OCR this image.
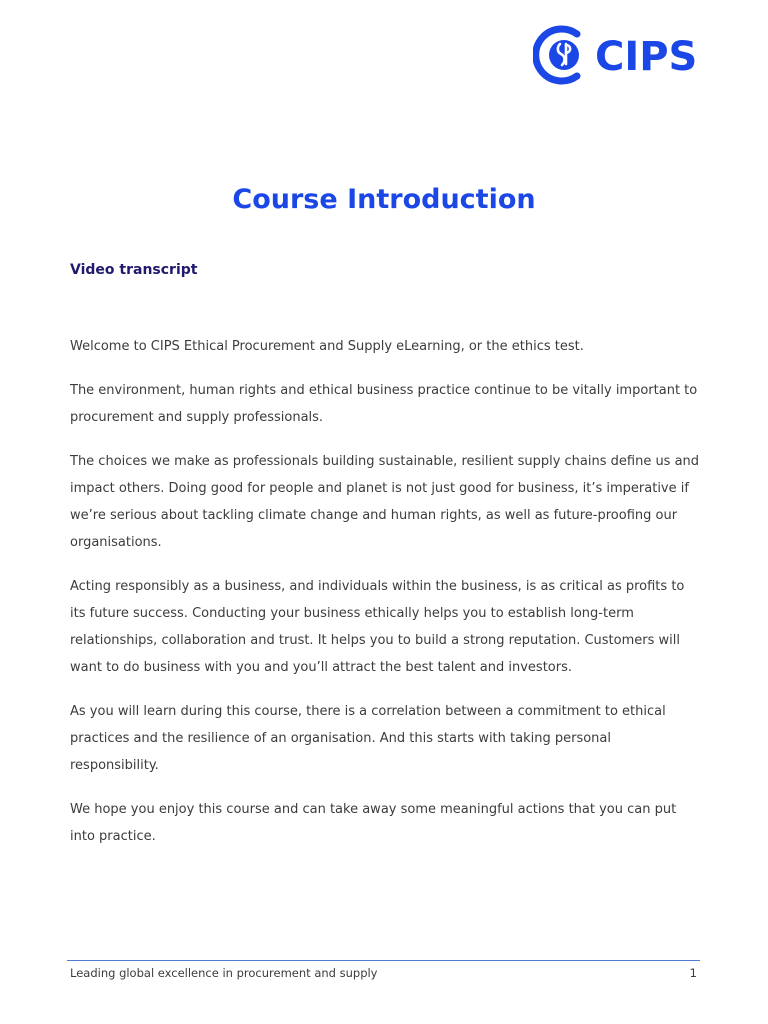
CIPS
Course Introduction
Video transcript

Welcome to CIPS Ethical Procurement and Supply eLearning, or the ethics test.

The environment, human rights and ethical business practice continue to be vitally important to procurement and supply professionals.

The choices we make as professionals building sustainable, resilient supply chains define us and impact others. Doing good for people and planet is not just good for business, it’s imperative if we’re serious about tackling climate change and human rights, as well as future-proofing our organisations.

Acting responsibly as a business, and individuals within the business, is as critical as profits to its future success. Conducting your business ethically helps you to establish long-term relationships, collaboration and trust. It helps you to build a strong reputation. Customers will want to do business with you and you’ll attract the best talent and investors.

As you will learn during this course, there is a correlation between a commitment to ethical practices and the resilience of an organisation. And this starts with taking personal responsibility.

We hope you enjoy this course and can take away some meaningful actions that you can put into practice.

Leading global excellence in procurement and supply	1
